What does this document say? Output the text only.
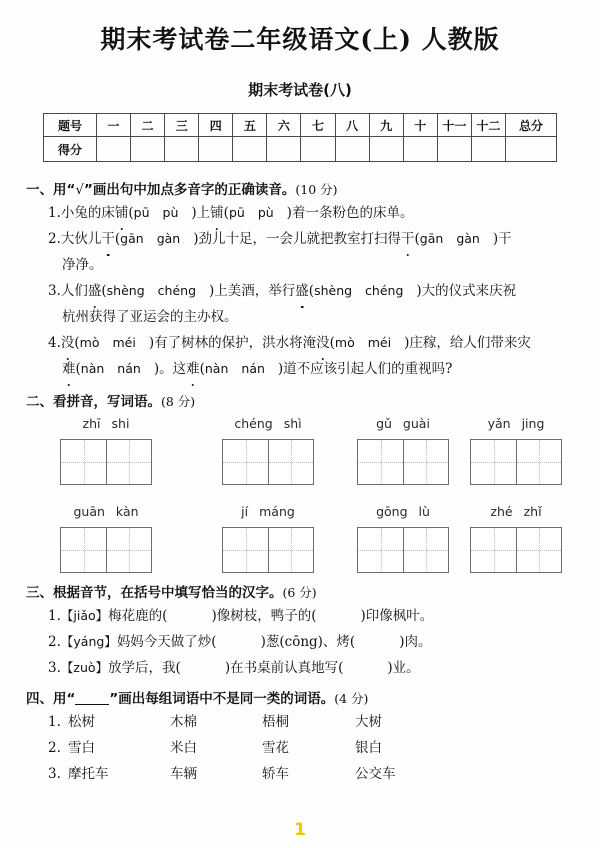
期末考试卷二年级语文(上) 人教版
期末考试卷(八)
题号	一	二	三	四	五	六	七	八	九	十	十一	十二	总分
得分													
一、用“√”画出句中加点多音字的正确读音。(10 分)
1.小兔的床铺(pū pù )上铺(pū pù )着一条粉色的床单。
2.大伙儿干(gān gàn )劲儿十足，一会儿就把教室打扫得干(gān gàn )干
净净。
3.人们盛(shèng chéng )上美酒，举行盛(shèng chéng )大的仪式来庆祝
杭州获得了亚运会的主办权。
4.没(mò méi )有了树林的保护，洪水将淹没(mò méi )庄稼，给人们带来灾
难(nàn nán )。这难(nàn nán )道不应该引起人们的重视吗?
二、看拼音，写词语。(8 分)
zhī shi	chéng shì	gǔ guài	yǎn jing
guān kàn	jí máng	gōng lù	zhé zhǐ
三、根据音节，在括号中填写恰当的汉字。(6 分)
1.【jiǎo】梅花鹿的(	)像树枝，鸭子的(	)印像枫叶。
2.【yáng】妈妈今天做了炒(	)葱(cōng)、烤(	)肉。
3.【zuò】放学后，我(	)在书桌前认真地写(	)业。
四、用“	”画出每组词语中不是同一类的词语。(4 分)
1. 松树	木棉	梧桐	大树
2. 雪白	米白	雪花	银白
3. 摩托车	车辆	轿车	公交车
1
